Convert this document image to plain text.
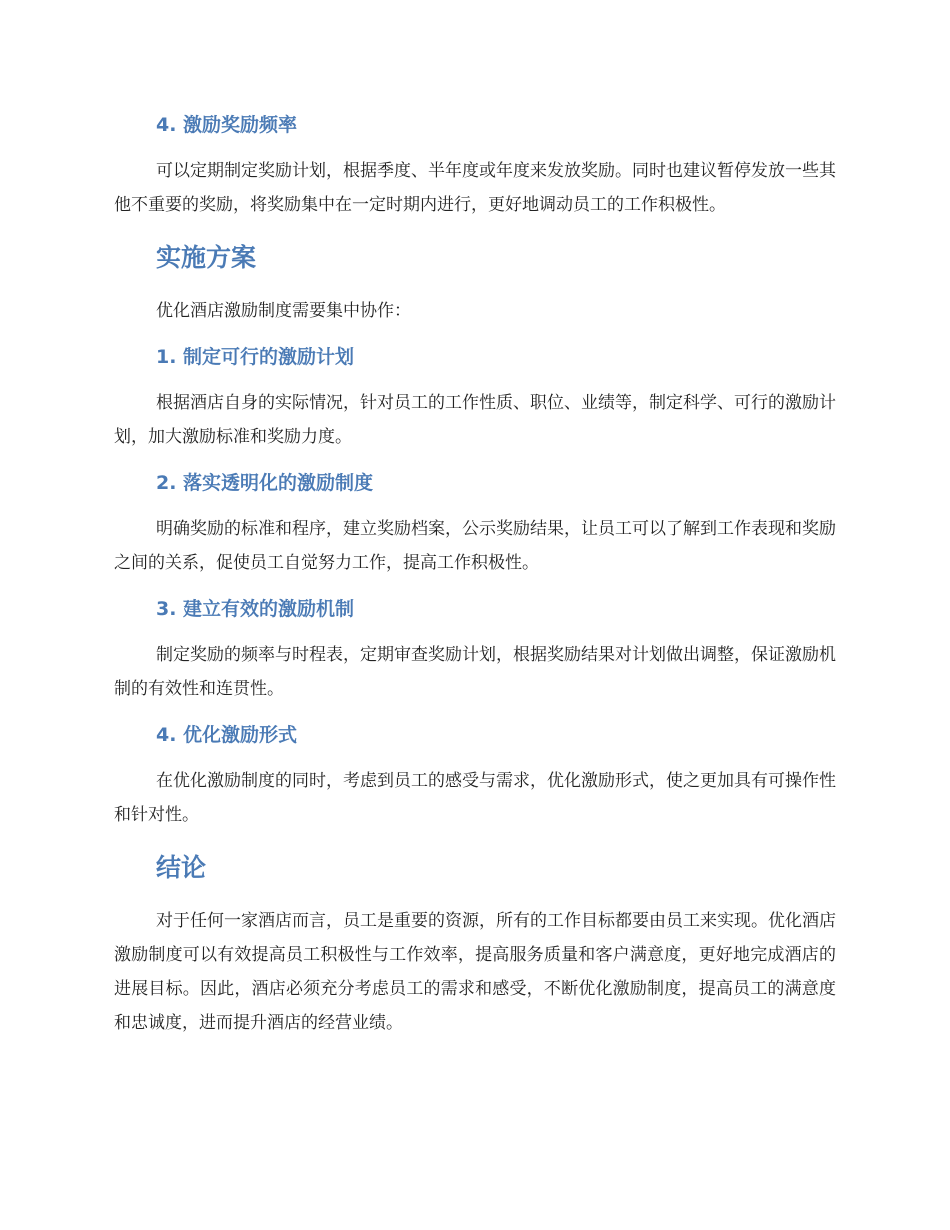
4. 激励奖励频率

可以定期制定奖励计划，根据季度、半年度或年度来发放奖励。同时也建议暂停发放一些其他不重要的奖励，将奖励集中在一定时期内进行，更好地调动员工的工作积极性。

实施方案

优化酒店激励制度需要集中协作：

1. 制定可行的激励计划

根据酒店自身的实际情况，针对员工的工作性质、职位、业绩等，制定科学、可行的激励计划，加大激励标准和奖励力度。

2. 落实透明化的激励制度

明确奖励的标准和程序，建立奖励档案，公示奖励结果，让员工可以了解到工作表现和奖励之间的关系，促使员工自觉努力工作，提高工作积极性。

3. 建立有效的激励机制

制定奖励的频率与时程表，定期审查奖励计划，根据奖励结果对计划做出调整，保证激励机制的有效性和连贯性。

4. 优化激励形式

在优化激励制度的同时，考虑到员工的感受与需求，优化激励形式，使之更加具有可操作性和针对性。

结论

对于任何一家酒店而言，员工是重要的资源，所有的工作目标都要由员工来实现。优化酒店激励制度可以有效提高员工积极性与工作效率，提高服务质量和客户满意度，更好地完成酒店的进展目标。因此，酒店必须充分考虑员工的需求和感受，不断优化激励制度，提高员工的满意度和忠诚度，进而提升酒店的经营业绩。
